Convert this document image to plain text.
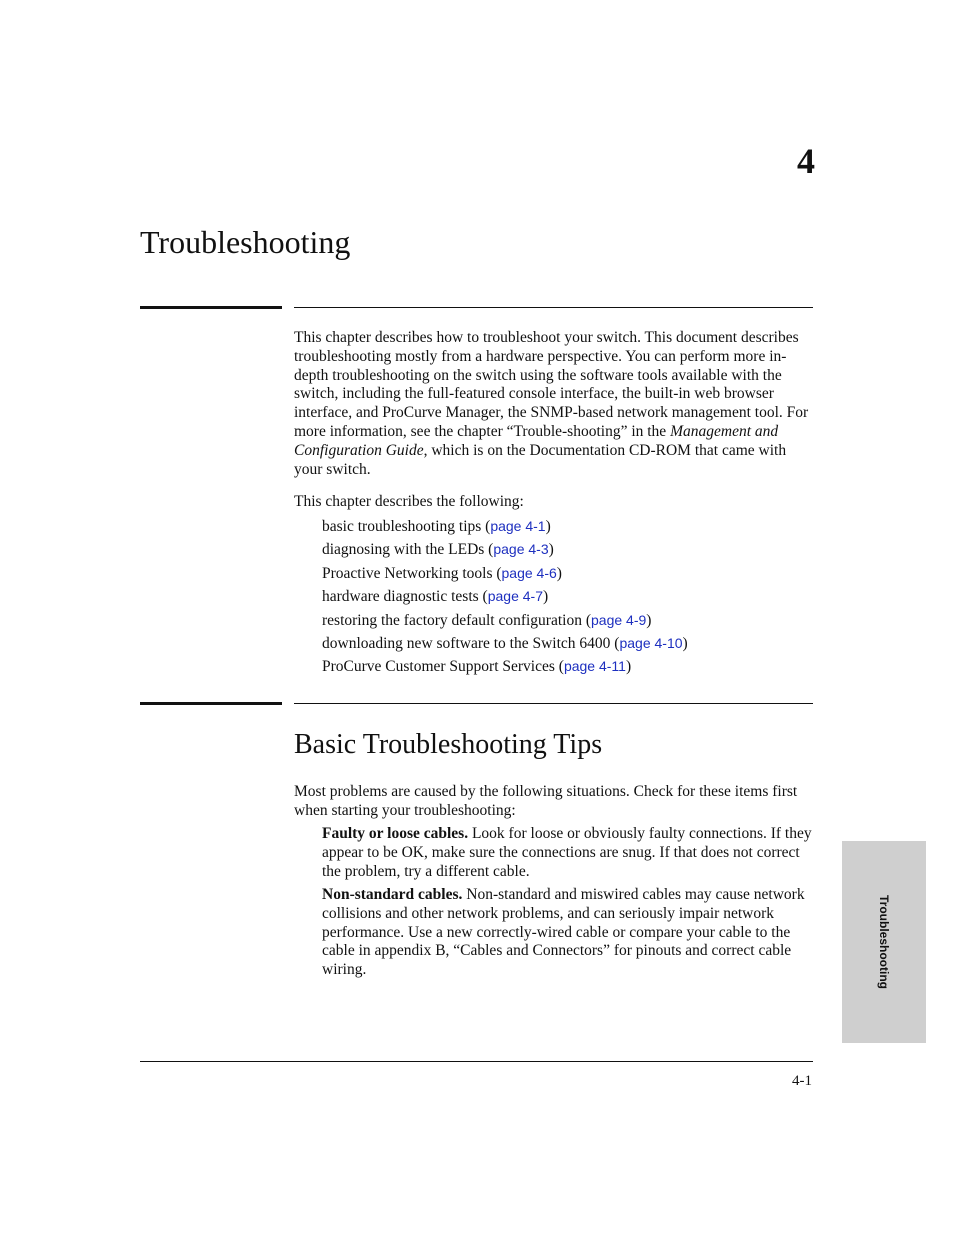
4
Troubleshooting

This chapter describes how to troubleshoot your switch. This document describes troubleshooting mostly from a hardware perspective. You can perform more in-depth troubleshooting on the switch using the software tools available with the switch, including the full-featured console interface, the built-in web browser interface, and ProCurve Manager, the SNMP-based network management tool. For more information, see the chapter “Trouble-shooting” in the Management and Configuration Guide, which is on the Documentation CD-ROM that came with your switch.

This chapter describes the following:

basic troubleshooting tips (page 4-1)
diagnosing with the LEDs (page 4-3)
Proactive Networking tools (page 4-6)
hardware diagnostic tests (page 4-7)
restoring the factory default configuration (page 4-9)
downloading new software to the Switch 6400 (page 4-10)
ProCurve Customer Support Services (page 4-11)
Basic Troubleshooting Tips

Most problems are caused by the following situations. Check for these items first when starting your troubleshooting:

Faulty or loose cables. Look for loose or obviously faulty connections. If they appear to be OK, make sure the connections are snug. If that does not correct the problem, try a different cable.

Non-standard cables. Non-standard and miswired cables may cause network collisions and other network problems, and can seriously impair network performance. Use a new correctly-wired cable or compare your cable to the cable in appendix B, “Cables and Connectors” for pinouts and correct cable wiring.	Troubleshooting
4-1
